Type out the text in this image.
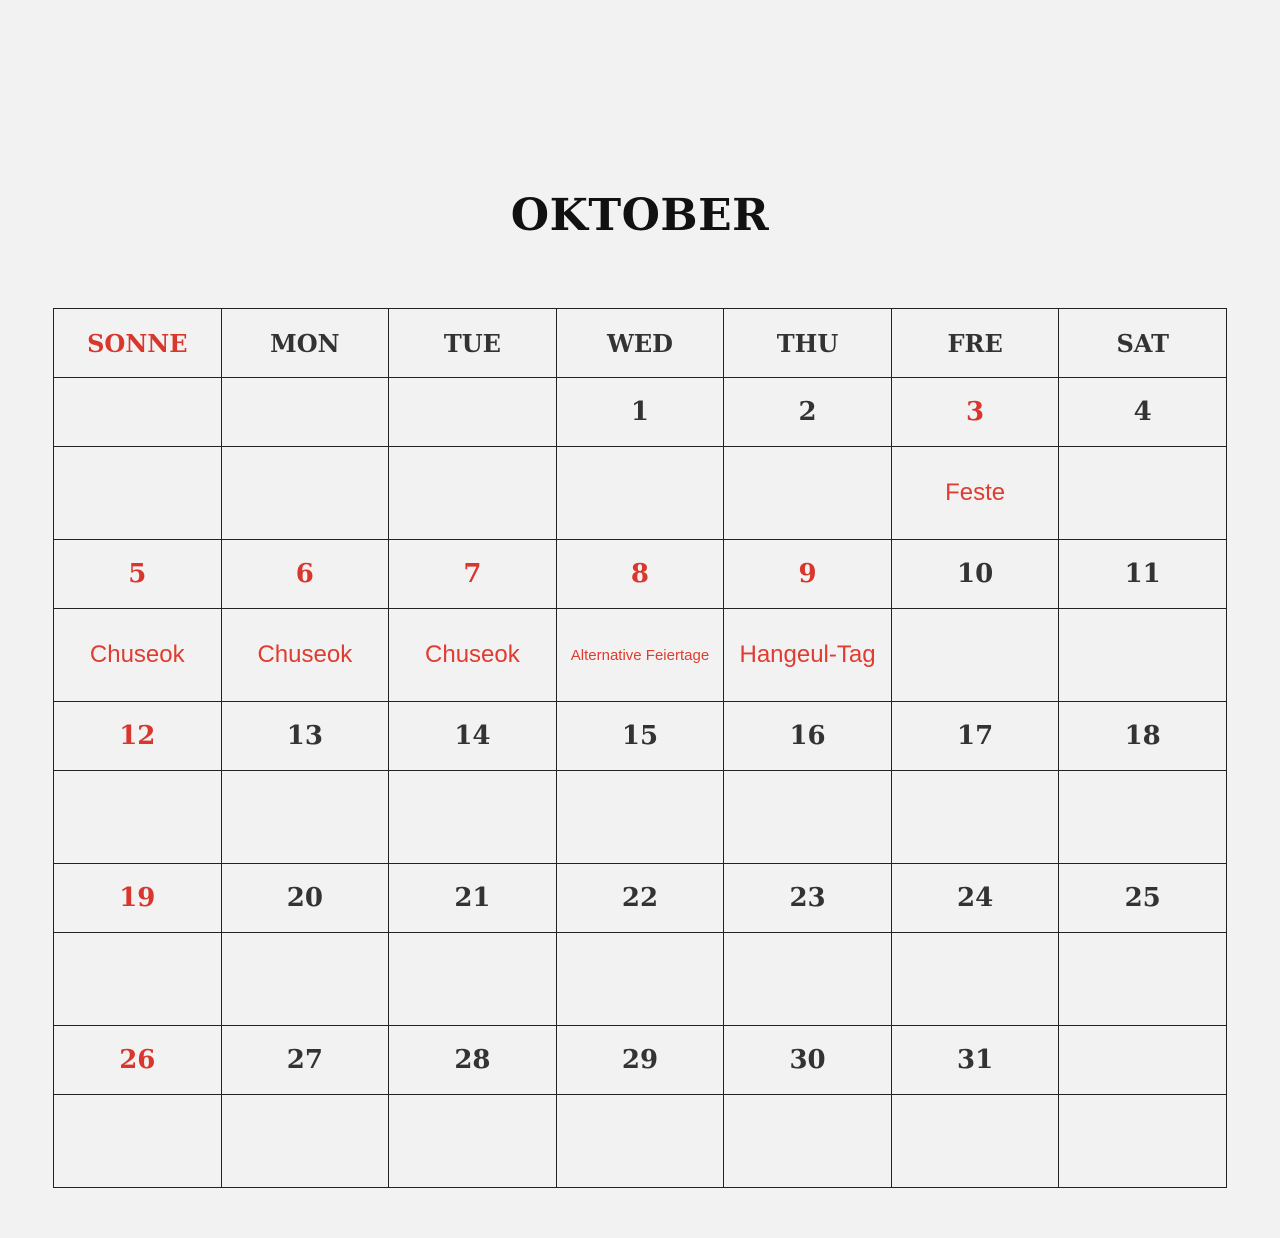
OKTOBER
SONNE	MON	TUE	WED	THU	FRE	SAT
			1	2	3	4
					Feste	
5	6	7	8	9	10	11
Chuseok	Chuseok	Chuseok	Alternative Feiertage	Hangeul-Tag		
12	13	14	15	16	17	18

19	20	21	22	23	24	25

26	27	28	29	30	31	
